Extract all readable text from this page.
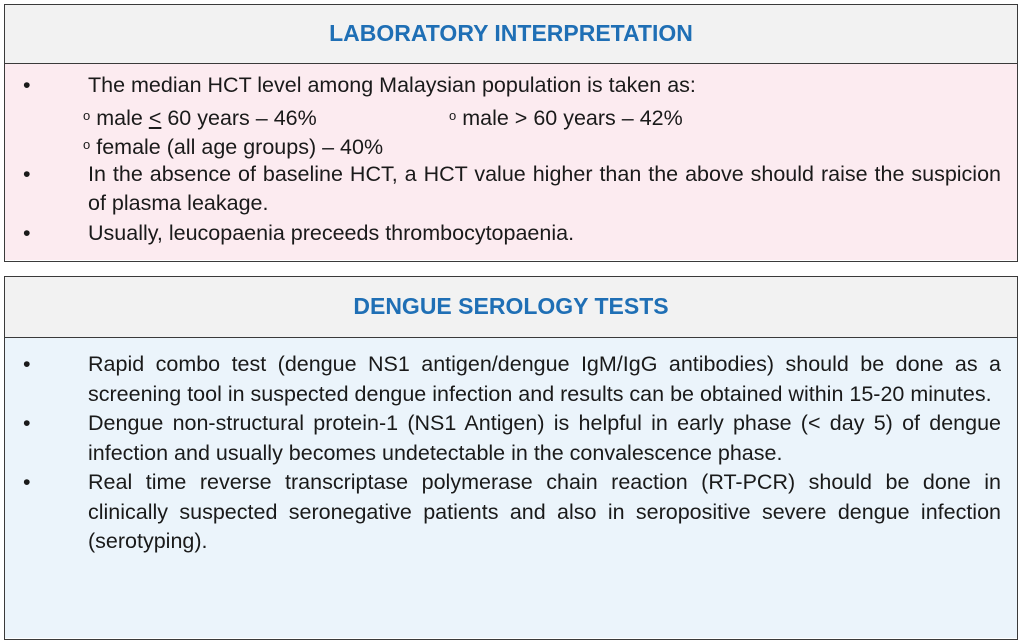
LABORATORY INTERPRETATION
•	The median HCT level among Malaysian population is taken as:
$^o$ male < 60 years – 46%	$^o$ male > 60 years – 42%
$^o$ female (all age groups) – 40%
•	In the absence of baseline HCT, a HCT value higher than the above should raise the suspicion of plasma leakage.
•	Usually, leucopaenia preceeds thrombocytopaenia.
DENGUE SEROLOGY TESTS
•	Rapid combo test (dengue NS1 antigen/dengue IgM/IgG antibodies) should be done as a screening tool in suspected dengue infection and results can be obtained within 15-20 minutes.
•	Dengue non-structural protein-1 (NS1 Antigen) is helpful in early phase (< day 5) of dengue infection and usually becomes undetectable in the convalescence phase.
•	Real time reverse transcriptase polymerase chain reaction (RT-PCR) should be done in clinically suspected seronegative patients and also in seropositive severe dengue infection (serotyping).
